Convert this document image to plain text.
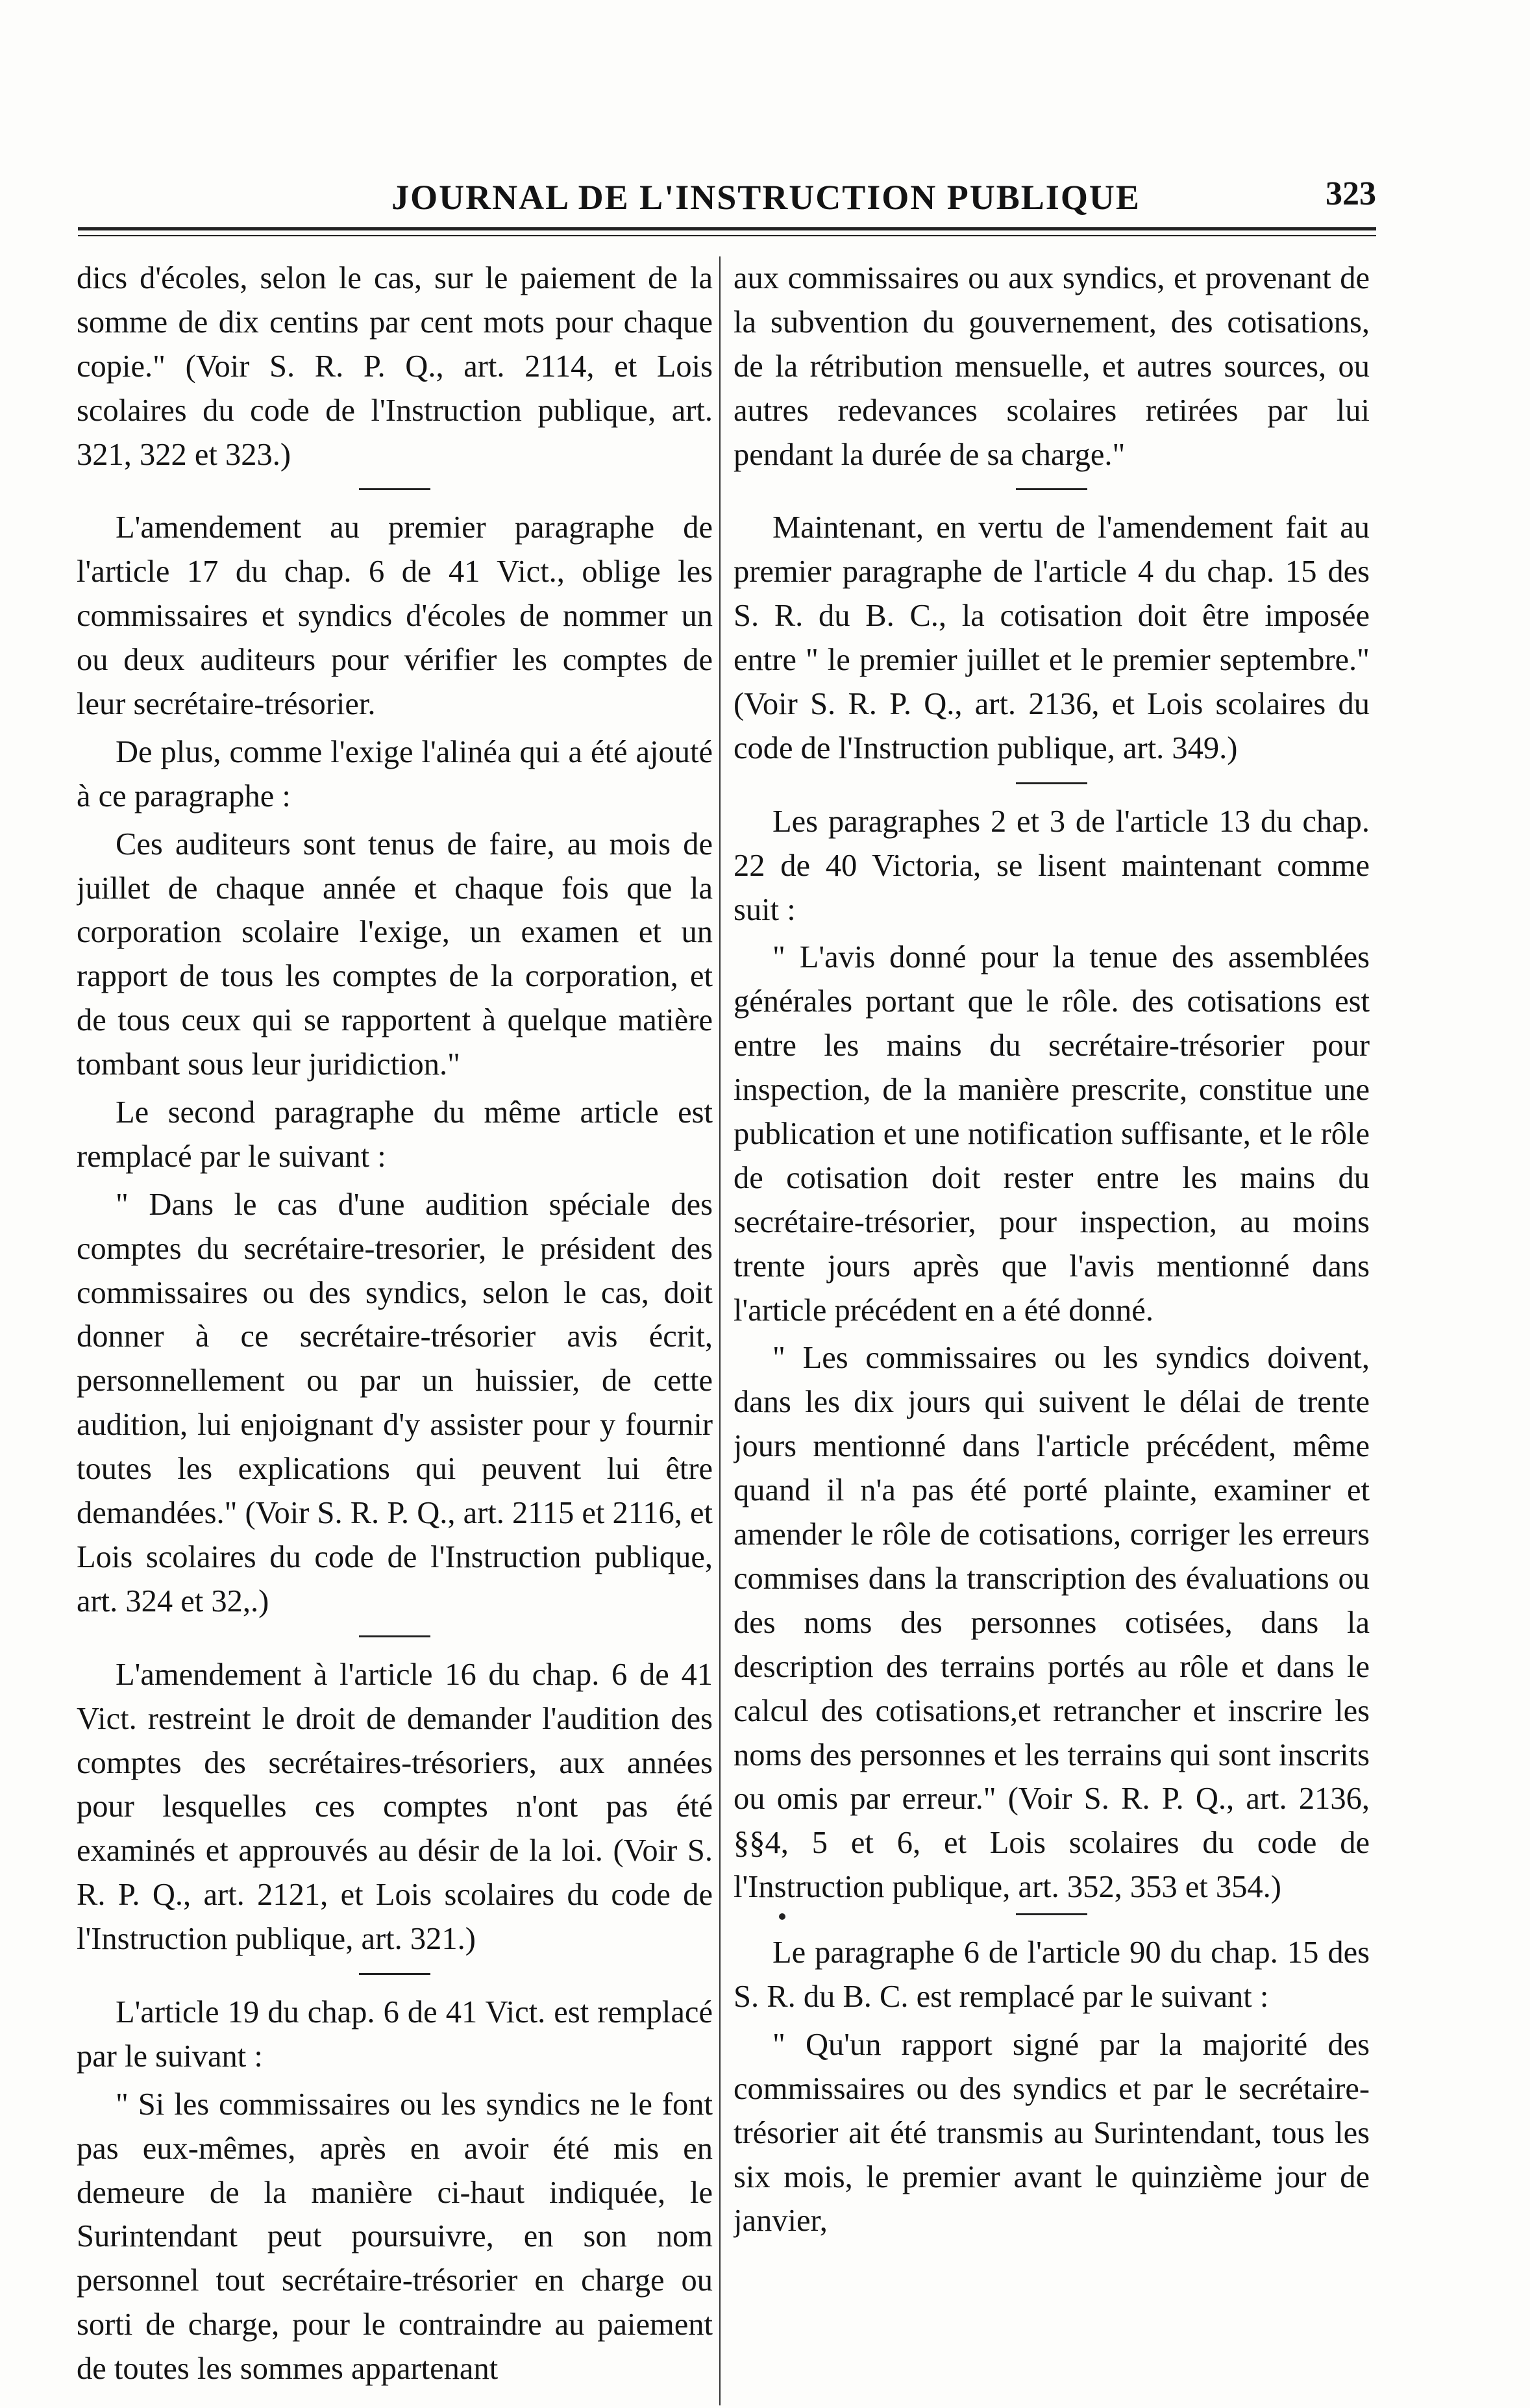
JOURNAL DE L'INSTRUCTION PUBLIQUE	323

dics d'écoles, selon le cas, sur le paiement de la somme de dix centins par cent mots pour chaque copie." (Voir S. R. P. Q., art. 2114, et Lois scolaires du code de l'Instruction publique, art. 321, 322 et 323.)

L'amendement au premier paragraphe de l'article 17 du chap. 6 de 41 Vict., oblige les commissaires et syndics d'écoles de nommer un ou deux auditeurs pour vérifier les comptes de leur secrétaire-trésorier.

De plus, comme l'exige l'alinéa qui a été ajouté à ce paragraphe :

Ces auditeurs sont tenus de faire, au mois de juillet de chaque année et chaque fois que la corporation scolaire l'exige, un examen et un rapport de tous les comptes de la corporation, et de tous ceux qui se rapportent à quelque matière tombant sous leur juridiction."

Le second paragraphe du même article est remplacé par le suivant :

" Dans le cas d'une audition spéciale des comptes du secrétaire-tresorier, le président des commissaires ou des syndics, selon le cas, doit donner à ce secrétaire-trésorier avis écrit, personnellement ou par un huissier, de cette audition, lui enjoignant d'y assister pour y fournir toutes les explications qui peuvent lui être demandées." (Voir S. R. P. Q., art. 2115 et 2116, et Lois scolaires du code de l'Instruction publique, art. 324 et 32,.)

L'amendement à l'article 16 du chap. 6 de 41 Vict. restreint le droit de demander l'audition des comptes des secrétaires-trésoriers, aux années pour lesquelles ces comptes n'ont pas été examinés et approuvés au désir de la loi. (Voir S. R. P. Q., art. 2121, et Lois scolaires du code de l'Instruction publique, art. 321.)

L'article 19 du chap. 6 de 41 Vict. est remplacé par le suivant :

" Si les commissaires ou les syndics ne le font pas eux-mêmes, après en avoir été mis en demeure de la manière ci-haut indiquée, le Surintendant peut poursuivre, en son nom personnel tout secrétaire-trésorier en charge ou sorti de charge, pour le contraindre au paiement de toutes les sommes appartenant

aux commissaires ou aux syndics, et provenant de la subvention du gouvernement, des cotisations, de la rétribution mensuelle, et autres sources, ou autres redevances scolaires retirées par lui pendant la durée de sa charge."

Maintenant, en vertu de l'amendement fait au premier paragraphe de l'article 4 du chap. 15 des S. R. du B. C., la cotisation doit être imposée entre " le premier juillet et le premier septembre." (Voir S. R. P. Q., art. 2136, et Lois scolaires du code de l'Instruction publique, art. 349.)

Les paragraphes 2 et 3 de l'article 13 du chap. 22 de 40 Victoria, se lisent maintenant comme suit :

" L'avis donné pour la tenue des assemblées générales portant que le rôle. des cotisations est entre les mains du secrétaire-trésorier pour inspection, de la manière prescrite, constitue une publication et une notification suffisante, et le rôle de cotisation doit rester entre les mains du secrétaire-trésorier, pour inspection, au moins trente jours après que l'avis mentionné dans l'article précédent en a été donné.

" Les commissaires ou les syndics doivent, dans les dix jours qui suivent le délai de trente jours mentionné dans l'article précédent, même quand il n'a pas été porté plainte, examiner et amender le rôle de cotisations, corriger les erreurs commises dans la transcription des évaluations ou des noms des personnes cotisées, dans la description des terrains portés au rôle et dans le calcul des cotisations,et retrancher et inscrire les noms des personnes et les terrains qui sont inscrits ou omis par erreur." (Voir S. R. P. Q., art. 2136, §§4, 5 et 6, et Lois scolaires du code de l'Instruction publique, art. 352, 353 et 354.)

Le paragraphe 6 de l'article 90 du chap. 15 des S. R. du B. C. est remplacé par le suivant :

" Qu'un rapport signé par la majorité des commissaires ou des syndics et par le secrétaire-trésorier ait été transmis au Surintendant, tous les six mois, le premier avant le quinzième jour de janvier,
